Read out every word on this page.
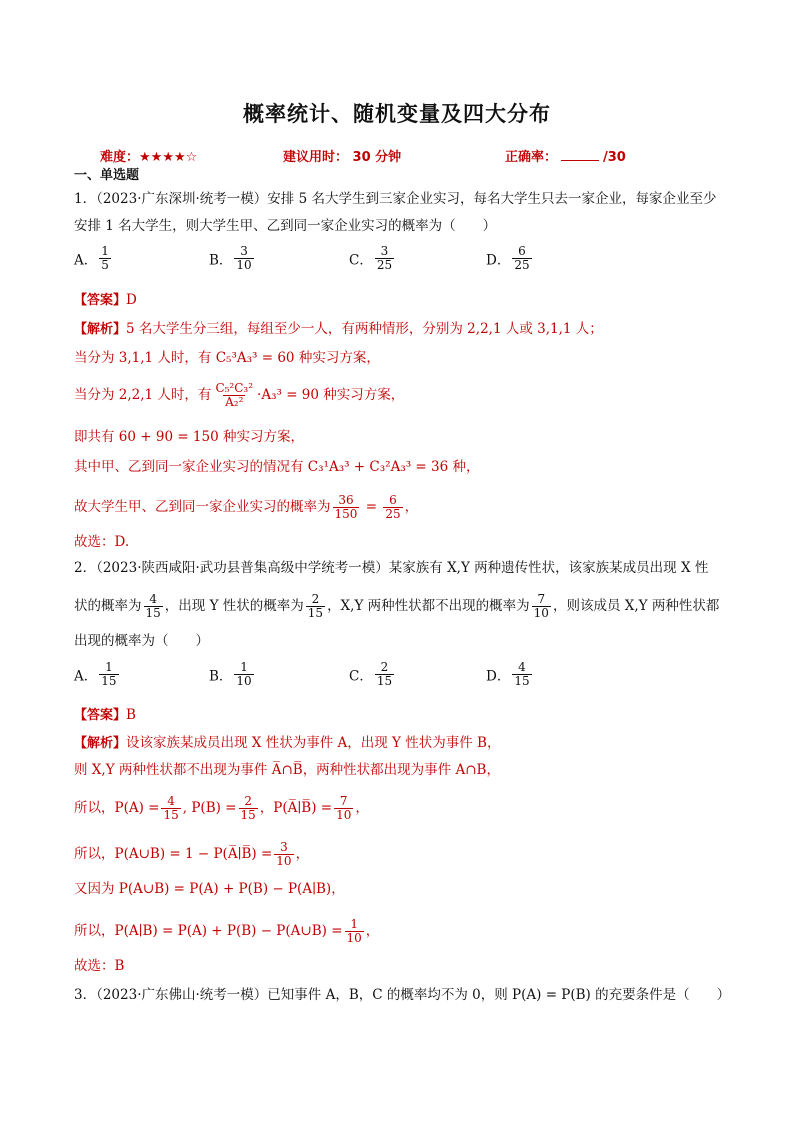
概率统计、随机变量及四大分布
难度：★★★★☆	建议用时： 30 分钟	正确率：	/30
一、单选题
1．（2023·广东深圳·统考一模）安排 5 名大学生到三家企业实习，每名大学生只去一家企业，每家企业至少
安排 1 名大学生，则大学生甲、乙到同一家企业实习的概率为（　　）
A． $\frac{1}{5}$	B． $\frac{3}{10}$	C． $\frac{3}{25}$	D． $\frac{6}{25}$
【答案】D
【解析】5 名大学生分三组，每组至少一人，有两种情形，分别为 2,2,1 人或 3,1,1 人；
当分为 3,1,1 人时，有 C₅³A₃³ = 60 种实习方案，
当分为 2,2,1 人时，有 $\frac{\text{C₅²C₃²}}{\text{A₂²}} \cdot A_3^3 = 90$ 种实习方案，
即共有 60 + 90 = 150 种实习方案，
其中甲、乙到同一家企业实习的情况有 C₃¹A₃³ + C₃²A₃³ = 36 种，
故大学生甲、乙到同一家企业实习的概率为 $\frac{36}{150} = \frac{6}{25}$ ，
故选：D.
2．（2023·陕西咸阳·武功县普集高级中学统考一模）某家族有 X,Y 两种遗传性状，该家族某成员出现 X 性
状的概率为 $\frac{4}{15}$ ，出现 Y 性状的概率为 $\frac{2}{15}$ ，X,Y 两种性状都不出现的概率为 $\frac{7}{10}$ ，则该成员 X,Y 两种性状都
出现的概率为（　　）
A． $\frac{1}{15}$	B． $\frac{1}{10}$	C． $\frac{2}{15}$	D． $\frac{4}{15}$
【答案】B
【解析】设该家族某成员出现 X 性状为事件 A，出现 Y 性状为事件 B，
则 X,Y 两种性状都不出现为事件 A̅∩B̅，两种性状都出现为事件 A∩B，
所以，$P(A) = \frac{4}{15}$ , $P(B) = \frac{2}{15}$ ，P(A̅∣B̅) = $\frac{7}{10}$ ，
所以，P(A∪B) = 1 − P(A̅∣B̅) = $\frac{3}{10}$ ，
又因为 P(A∪B) = P(A) + P(B) − P(A∣B)，
所以，P(A∣B) = P(A) + P(B) − P(A∪B) = $\frac{1}{10}$ ，
故选：B
3．（2023·广东佛山·统考一模）已知事件 A，B，C 的概率均不为 0，则 P(A) = P(B) 的充要条件是（　　）
